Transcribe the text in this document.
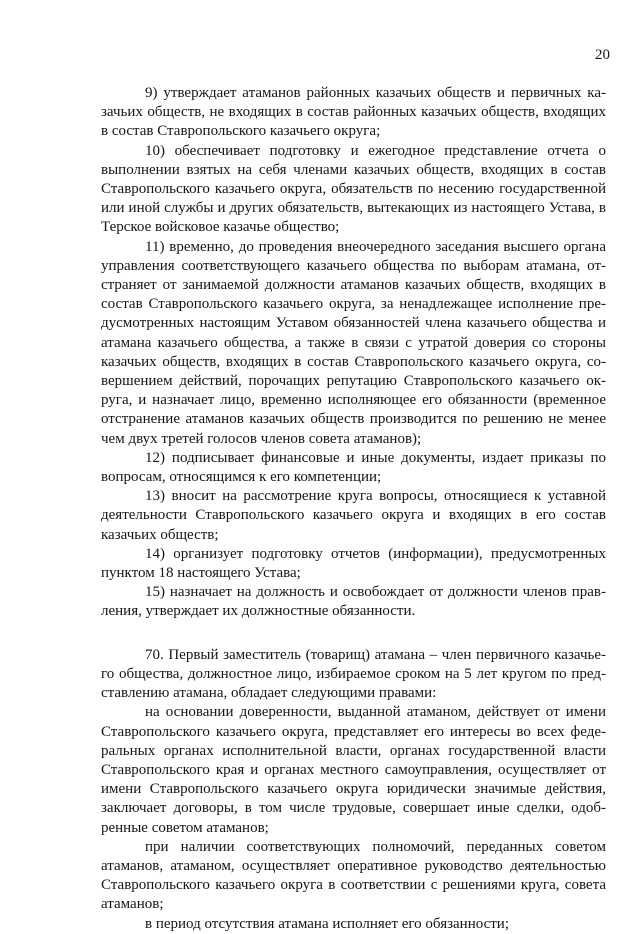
20

9) утверждает атаманов районных казачьих обществ и первичных казачьих обществ, не входящих в состав районных казачьих обществ, входящих в состав Ставропольского казачьего округа;

10) обеспечивает подготовку и ежегодное представление отчета о выполнении взятых на себя членами казачьих обществ, входящих в состав Ставропольского казачьего округа, обязательств по несению государственной или иной службы и других обязательств, вытекающих из настоящего Устава, в Терское войсковое казачье общество;

11) временно, до проведения внеочередного заседания высшего органа управления соответствующего казачьего общества по выборам атамана, отстраняет от занимаемой должности атаманов казачьих обществ, входящих в состав Ставропольского казачьего округа, за ненадлежащее исполнение предусмотренных настоящим Уставом обязанностей члена казачьего общества и атамана казачьего общества, а также в связи с утратой доверия со стороны казачьих обществ, входящих в состав Ставропольского казачьего округа, совершением действий, порочащих репутацию Ставропольского казачьего округа, и назначает лицо, временно исполняющее его обязанности (временное отстранение атаманов казачьих обществ производится по решению не менее чем двух третей голосов членов совета атаманов);

12) подписывает финансовые и иные документы, издает приказы по вопросам, относящимся к его компетенции;

13) вносит на рассмотрение круга вопросы, относящиеся к уставной деятельности Ставропольского казачьего округа и входящих в его состав казачьих обществ;

14) организует подготовку отчетов (информации), предусмотренных пунктом 18 настоящего Устава;

15) назначает на должность и освобождает от должности членов правления, утверждает их должностные обязанности.

70. Первый заместитель (товарищ) атамана – член первичного казачьего общества, должностное лицо, избираемое сроком на 5 лет кругом по представлению атамана, обладает следующими правами:

на основании доверенности, выданной атаманом, действует от имени Ставропольского казачьего округа, представляет его интересы во всех федеральных органах исполнительной власти, органах государственной власти Ставропольского края и органах местного самоуправления, осуществляет от имени Ставропольского казачьего округа юридически значимые действия, заключает договоры, в том числе трудовые, совершает иные сделки, одобренные советом атаманов;

при наличии соответствующих полномочий, переданных советом атаманов, атаманом, осуществляет оперативное руководство деятельностью Ставропольского казачьего округа в соответствии с решениями круга, совета атаманов;

в период отсутствия атамана исполняет его обязанности;
